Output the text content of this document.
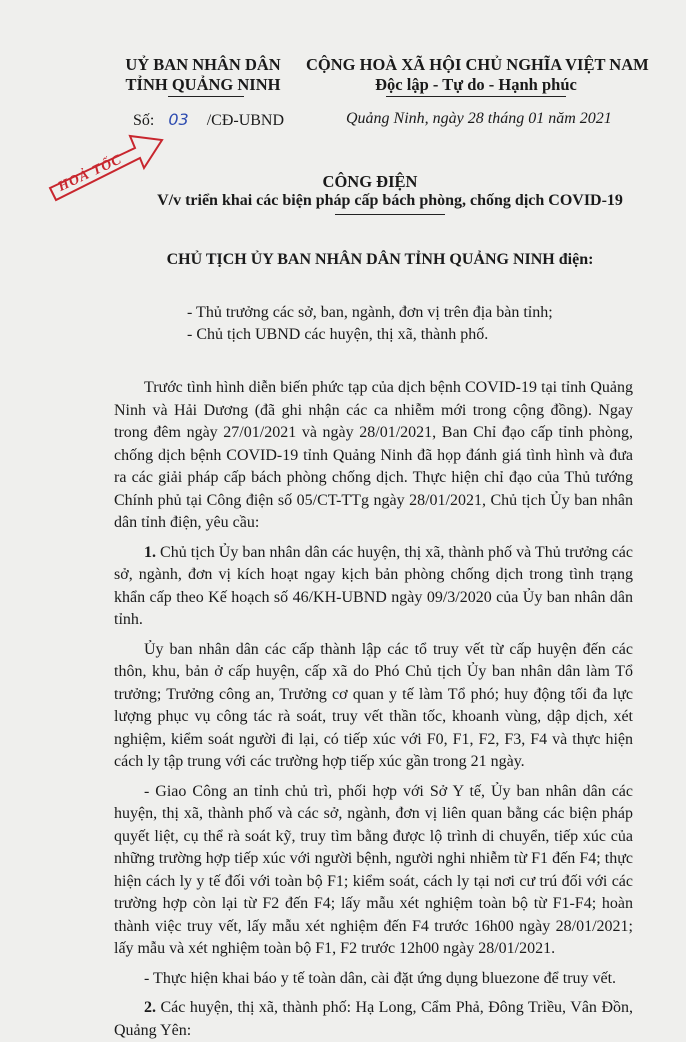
UỶ BAN NHÂN DÂN
TỈNH QUẢNG NINH
CỘNG HOÀ XÃ HỘI CHỦ NGHĨA VIỆT NAM
Độc lập - Tự do - Hạnh phúc
Số: 03 /CĐ-UBND	Quảng Ninh, ngày 28 tháng 01 năm 2021
HOẢ TỐC	CÔNG ĐIỆN
V/v triển khai các biện pháp cấp bách phòng, chống dịch COVID-19
CHỦ TỊCH ỦY BAN NHÂN DÂN TỈNH QUẢNG NINH điện:
- Thủ trưởng các sở, ban, ngành, đơn vị trên địa bàn tỉnh;
- Chủ tịch UBND các huyện, thị xã, thành phố.

Trước tình hình diễn biến phức tạp của dịch bệnh COVID-19 tại tỉnh Quảng Ninh và Hải Dương (đã ghi nhận các ca nhiễm mới trong cộng đồng). Ngay trong đêm ngày 27/01/2021 và ngày 28/01/2021, Ban Chỉ đạo cấp tỉnh phòng, chống dịch bệnh COVID-19 tỉnh Quảng Ninh đã họp đánh giá tình hình và đưa ra các giải pháp cấp bách phòng chống dịch. Thực hiện chỉ đạo của Thủ tướng Chính phủ tại Công điện số 05/CT-TTg ngày 28/01/2021, Chủ tịch Ủy ban nhân dân tỉnh điện, yêu cầu:

1. Chủ tịch Ủy ban nhân dân các huyện, thị xã, thành phố và Thủ trưởng các sở, ngành, đơn vị kích hoạt ngay kịch bản phòng chống dịch trong tình trạng khẩn cấp theo Kế hoạch số 46/KH-UBND ngày 09/3/2020 của Ủy ban nhân dân tỉnh.

Ủy ban nhân dân các cấp thành lập các tổ truy vết từ cấp huyện đến các thôn, khu, bản ở cấp huyện, cấp xã do Phó Chủ tịch Ủy ban nhân dân làm Tổ trưởng; Trưởng công an, Trưởng cơ quan y tế làm Tổ phó; huy động tối đa lực lượng phục vụ công tác rà soát, truy vết thần tốc, khoanh vùng, dập dịch, xét nghiệm, kiểm soát người đi lại, có tiếp xúc với F0, F1, F2, F3, F4 và thực hiện cách ly tập trung với các trường hợp tiếp xúc gần trong 21 ngày.

- Giao Công an tỉnh chủ trì, phối hợp với Sở Y tế, Ủy ban nhân dân các huyện, thị xã, thành phố và các sở, ngành, đơn vị liên quan bằng các biện pháp quyết liệt, cụ thể rà soát kỹ, truy tìm bằng được lộ trình di chuyển, tiếp xúc của những trường hợp tiếp xúc với người bệnh, người nghi nhiễm từ F1 đến F4; thực hiện cách ly y tế đối với toàn bộ F1; kiểm soát, cách ly tại nơi cư trú đối với các trường hợp còn lại từ F2 đến F4; lấy mẫu xét nghiệm toàn bộ từ F1-F4; hoàn thành việc truy vết, lấy mẫu xét nghiệm đến F4 trước 16h00 ngày 28/01/2021; lấy mẫu và xét nghiệm toàn bộ F1, F2 trước 12h00 ngày 28/01/2021.

- Thực hiện khai báo y tế toàn dân, cài đặt ứng dụng bluezone để truy vết.

2. Các huyện, thị xã, thành phố: Hạ Long, Cẩm Phả, Đông Triều, Vân Đồn, Quảng Yên:
